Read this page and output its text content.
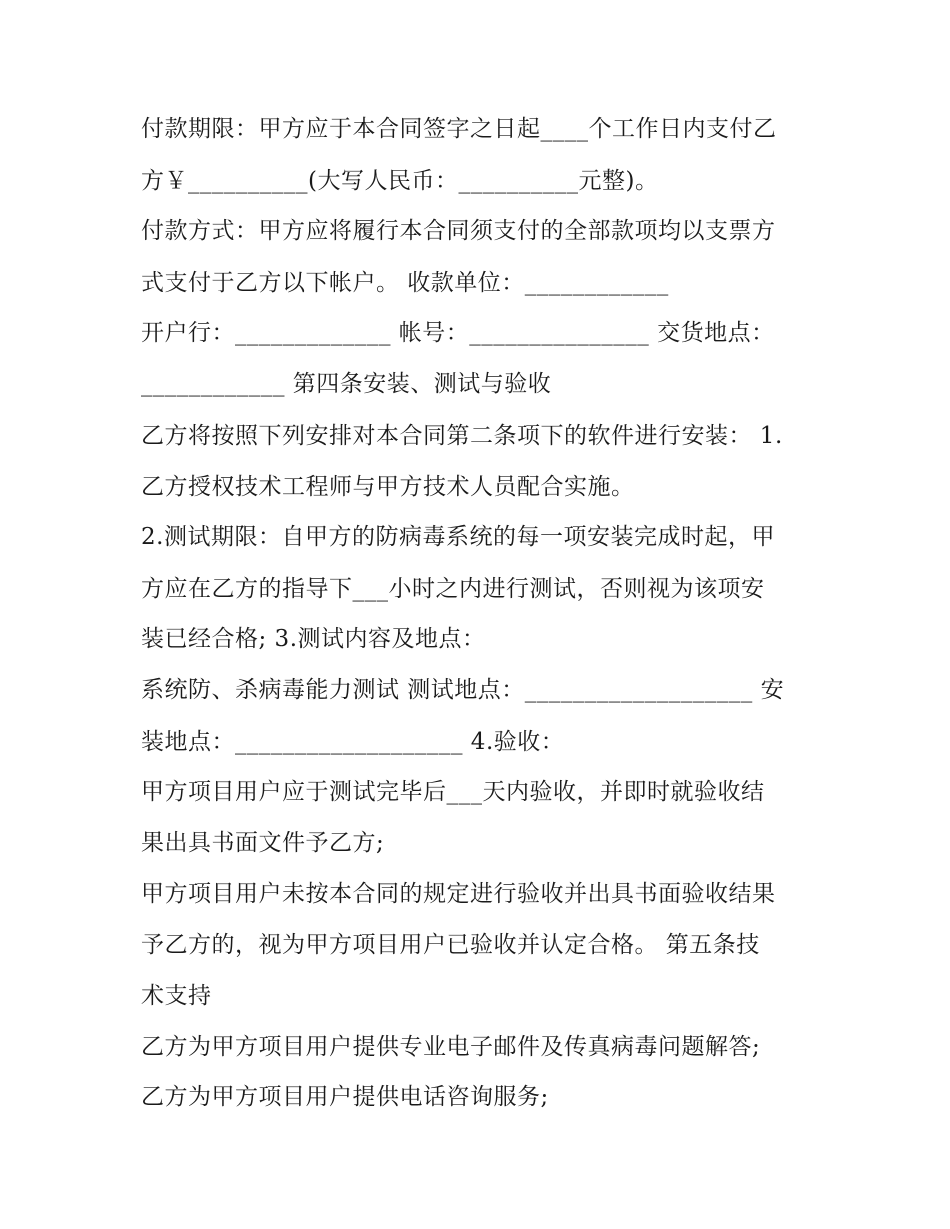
付款期限：甲方应于本合同签字之日起____个工作日内支付乙
方￥__________(大写人民币：__________元整)。
付款方式：甲方应将履行本合同须支付的全部款项均以支票方
式支付于乙方以下帐户。 收款单位：____________
开户行：_____________ 帐号：_______________ 交货地点：
____________ 第四条安装、测试与验收
乙方将按照下列安排对本合同第二条项下的软件进行安装： 1.
乙方授权技术工程师与甲方技术人员配合实施。
2.测试期限：自甲方的防病毒系统的每一项安装完成时起，甲
方应在乙方的指导下___小时之内进行测试，否则视为该项安
装已经合格; 3.测试内容及地点：
系统防、杀病毒能力测试 测试地点：___________________ 安
装地点：___________________ 4.验收：
甲方项目用户应于测试完毕后___天内验收，并即时就验收结
果出具书面文件予乙方;
甲方项目用户未按本合同的规定进行验收并出具书面验收结果
予乙方的，视为甲方项目用户已验收并认定合格。 第五条技
术支持
乙方为甲方项目用户提供专业电子邮件及传真病毒问题解答;
乙方为甲方项目用户提供电话咨询服务;
